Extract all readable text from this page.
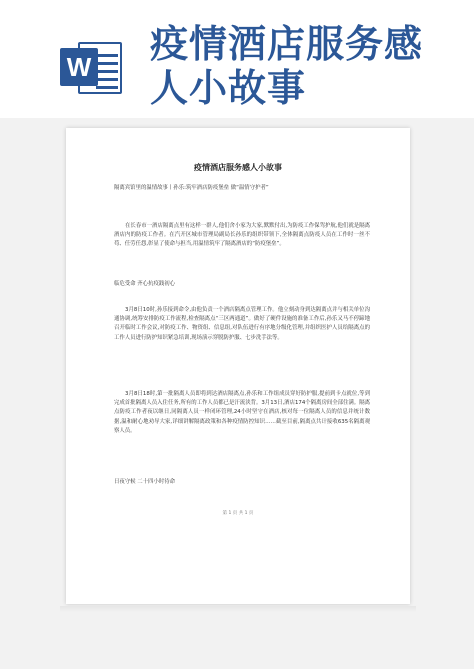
W
疫情酒店服务感人小故事
疫情酒店服务感人小故事
隔离宾馆里的温情故事丨孙乐:筑牢酒店防疫堡垒 做“温情守护者”
在长春市一酒店隔离点里有这样一群人,他们舍小家为大家,默默付出,为防疫工作保驾护航,他们就是隔离酒店内的防疫工作者。在汽开区城市管理局副局长孙乐的组织带领下,全体隔离点防疫人员在工作时一丝不苟、任劳任怨,彰显了使命与担当,用温情筑牢了隔离酒店的“防疫堡垒”。
临危受命 齐心抗疫践初心
3月8日10时,孙乐接到命令,由他负责一个酒店隔离点管理工作。他立刻动身到达隔离点并与相关单位沟通协调,统筹安排防疫工作流程,检查隔离点“三区两通道”。做好了硬件设施的准备工作后,孙乐又马不停蹄地召开临时工作会议,对防疫工作、物资组、信息组,对队伍进行有序地分级化管理,并组织医护人员给隔离点的工作人员进行防护知识紧急培训,现场演示穿脱防护服、七步洗手法等。
3月8日18时,第一批隔离人员即将到达酒店隔离点,孙乐和工作组成员穿好防护服,提前到卡点就位,等到完成首批隔离人员入住任务,所有的工作人员都已是汗流浃背。3月13日,酒店174个隔离房间全部住满。隔离点防疫工作者夜以继日,同隔离人员一样闭环管理,24小时坚守在酒店,核对每一位隔离人员的信息并统计数据,温和耐心地劝导大家,详细讲解隔离政策和各种疫情防控知识……截至目前,隔离点共计接收635名隔离观察人员。
日夜守候 二十四小时待命
第 1 页 共 1 页
